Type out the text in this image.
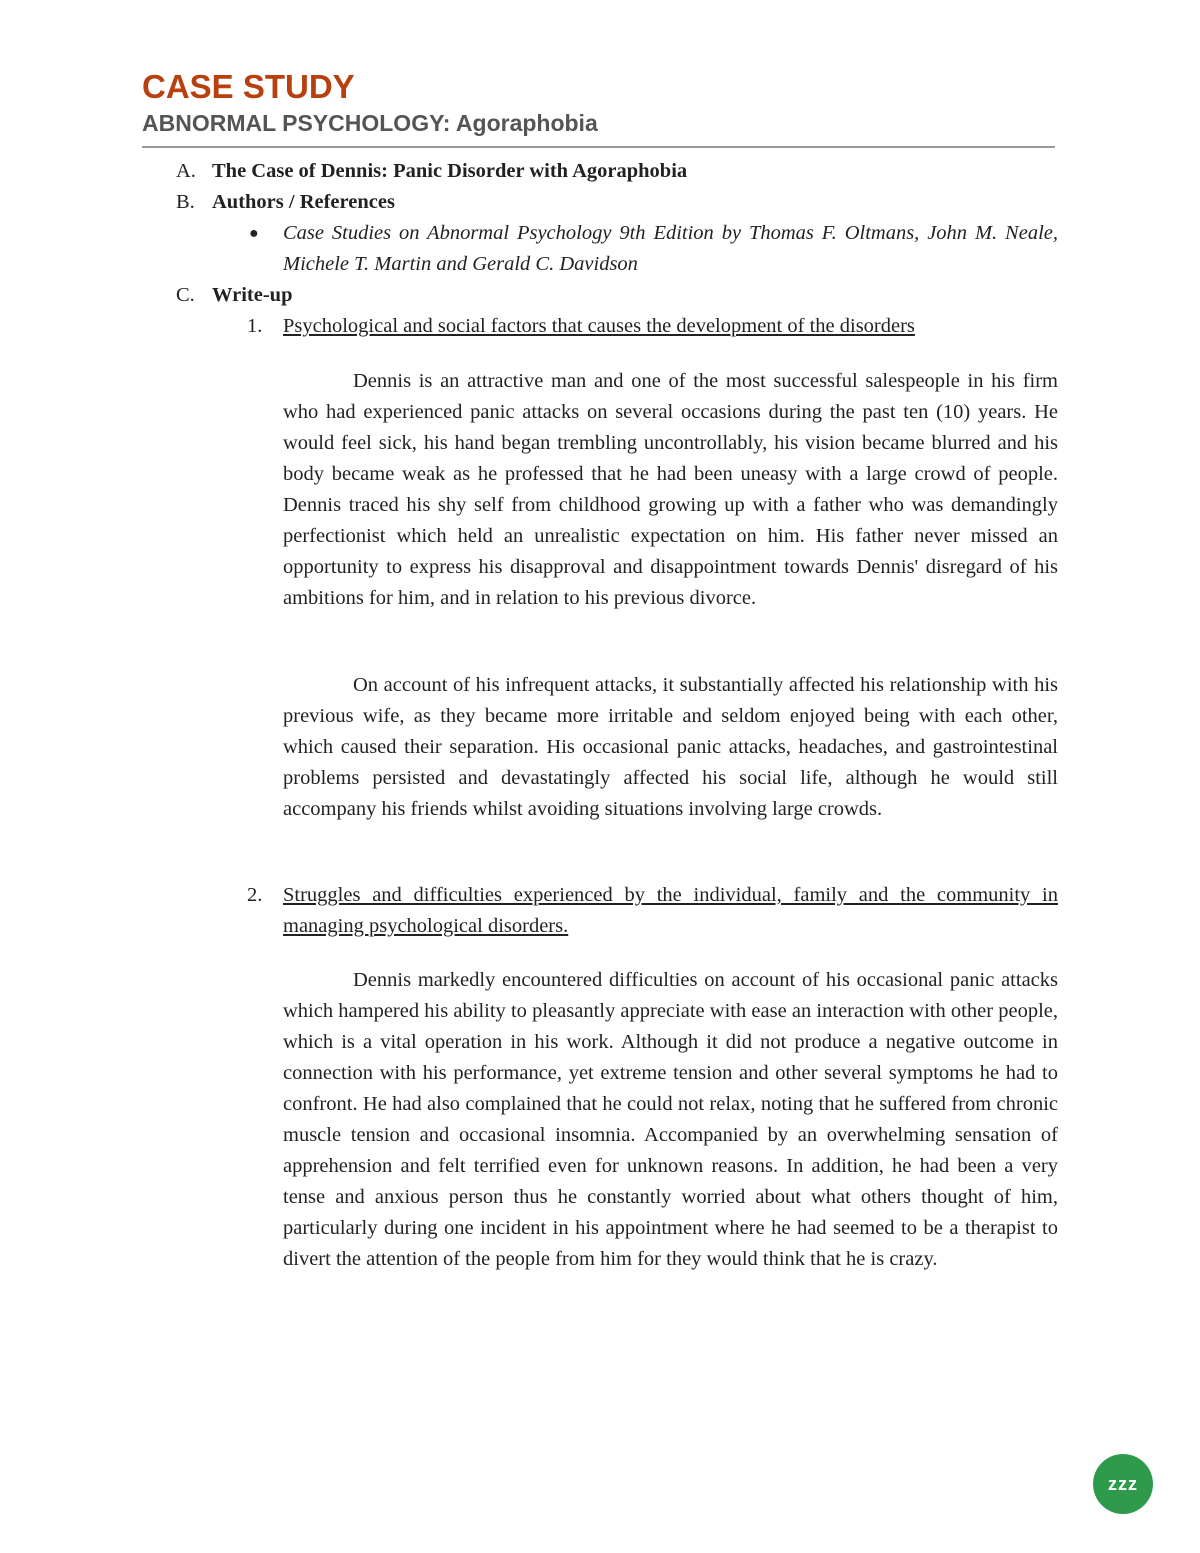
CASE STUDY
ABNORMAL PSYCHOLOGY: Agoraphobia
A. The Case of Dennis: Panic Disorder with Agoraphobia
B. Authors / References
● Case Studies on Abnormal Psychology 9th Edition by Thomas F. Oltmans, John M. Neale, Michele T. Martin and Gerald C. Davidson

C. Write-up
1. Psychological and social factors that causes the development of the disorders

Dennis is an attractive man and one of the most successful salespeople in his firm who had experienced panic attacks on several occasions during the past ten (10) years. He would feel sick, his hand began trembling uncontrollably, his vision became blurred and his body became weak as he professed that he had been uneasy with a large crowd of people. Dennis traced his shy self from childhood growing up with a father who was demandingly perfectionist which held an unrealistic expectation on him. His father never missed an opportunity to express his disapproval and disappointment towards Dennis' disregard of his ambitions for him, and in relation to his previous divorce.

On account of his infrequent attacks, it substantially affected his relationship with his previous wife, as they became more irritable and seldom enjoyed being with each other, which caused their separation. His occasional panic attacks, headaches, and gastrointestinal problems persisted and devastatingly affected his social life, although he would still accompany his friends whilst avoiding situations involving large crowds.

2. Struggles and difficulties experienced by the individual, family and the community in managing psychological disorders.

Dennis markedly encountered difficulties on account of his occasional panic attacks which hampered his ability to pleasantly appreciate with ease an interaction with other people, which is a vital operation in his work. Although it did not produce a negative outcome in connection with his performance, yet extreme tension and other several symptoms he had to confront. He had also complained that he could not relax, noting that he suffered from chronic muscle tension and occasional insomnia. Accompanied by an overwhelming sensation of apprehension and felt terrified even for unknown reasons. In addition, he had been a very tense and anxious person thus he constantly worried about what others thought of him, particularly during one incident in his appointment where he had seemed to be a therapist to divert the attention of the people from him for they would think that he is crazy.

zzz
